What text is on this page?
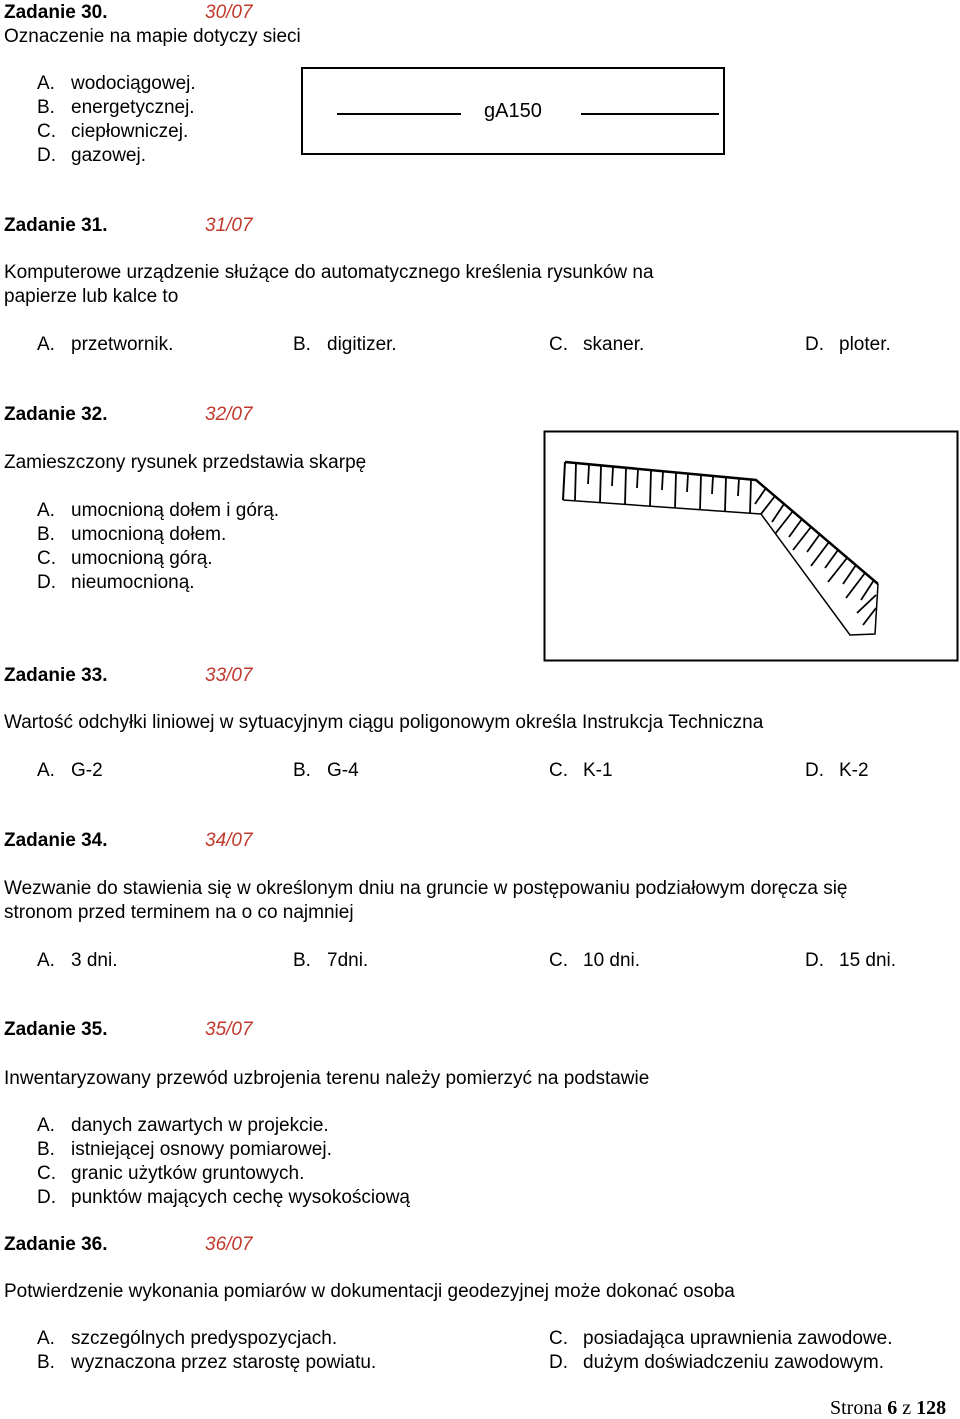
Zadanie 30.	30/07
Oznaczenie na mapie dotyczy sieci
A. wodociągowej.
B. energetycznej.
C. ciepłowniczej.
D. gazowej.
gA150
Zadanie 31.	31/07
Komputerowe urządzenie służące do automatycznego kreślenia rysunków na
papierze lub kalce to
A. przetwornik.	B. digitizer.	C. skaner.	D. ploter.
Zadanie 32.	32/07
Zamieszczony rysunek przedstawia skarpę
A. umocnioną dołem i górą.
B. umocnioną dołem.
C. umocnioną górą.
D. nieumocnioną.
Zadanie 33.	33/07
Wartość odchyłki liniowej w sytuacyjnym ciągu poligonowym określa Instrukcja Techniczna
A. G-2	B. G-4	C. K-1	D. K-2
Zadanie 34.	34/07
Wezwanie do stawienia się w określonym dniu na gruncie w postępowaniu podziałowym doręcza się
stronom przed terminem na o co najmniej
A. 3 dni.	B. 7dni.	C. 10 dni.	D. 15 dni.
Zadanie 35.	35/07
Inwentaryzowany przewód uzbrojenia terenu należy pomierzyć na podstawie
A. danych zawartych w projekcie.
B. istniejącej osnowy pomiarowej.
C. granic użytków gruntowych.
D. punktów mających cechę wysokościową
Zadanie 36.	36/07
Potwierdzenie wykonania pomiarów w dokumentacji geodezyjnej może dokonać osoba
A. szczególnych predyspozycjach.
B. wyznaczona przez starostę powiatu.
C. posiadająca uprawnienia zawodowe.
D. dużym doświadczeniu zawodowym.
Strona 6 z 128
